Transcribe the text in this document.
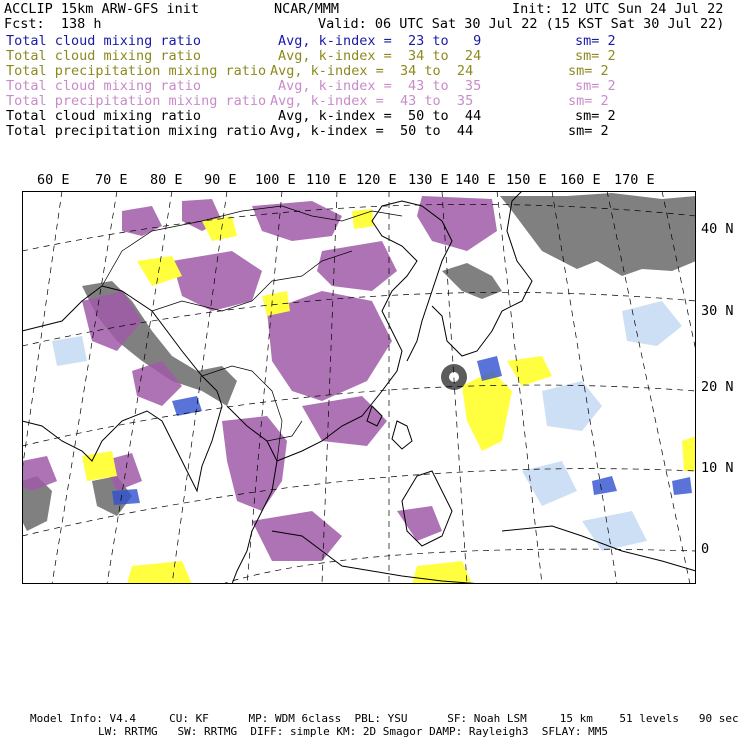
ACCLIP 15km ARW-GFS init	NCAR/MMM	Init: 12 UTC Sun 24 Jul 22
Fcst:  138 h	Valid: 06 UTC Sat 30 Jul 22 (15 KST Sat 30 Jul 22)
Total cloud mixing ratio	Avg, k-index =  23 to   9	sm= 2
Total cloud mixing ratio	Avg, k-index =  34 to  24	sm= 2
Total precipitation mixing ratio Avg, k-index =  34 to  24	sm= 2
Total cloud mixing ratio	Avg, k-index =  43 to  35	sm= 2
Total precipitation mixing ratio Avg, k-index =  43 to  35	sm= 2
Total cloud mixing ratio	Avg, k-index =  50 to  44	sm= 2
Total precipitation mixing ratio Avg, k-index =  50 to  44	sm= 2
60 E 70 E 80 E 90 E 100 E 110 E 120 E 130 E 140 E 150 E 160 E 170 E
40 N
30 N
20 N
10 N
0
Model Info: V4.4     CU: KF      MP: WDM 6class  PBL: YSU      SF: Noah LSM     15 km    51 levels   90 sec
LW: RRTMG   SW: RRTMG  DIFF: simple KM: 2D Smagor DAMP: Rayleigh3  SFLAY: MM5
